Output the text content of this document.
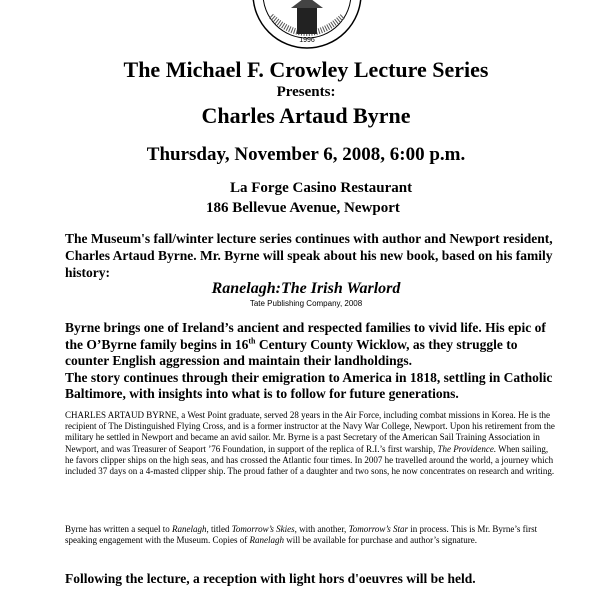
1996
The Michael F. Crowley Lecture Series
Presents:
Charles Artaud Byrne
Thursday, November 6, 2008, 6:00 p.m.
La Forge Casino Restaurant
186 Bellevue Avenue, Newport
The Museum's fall/winter lecture series continues with author and Newport resident, Charles Artaud Byrne. Mr. Byrne will speak about his new book, based on his family history:
Ranelagh:The Irish Warlord
Tate Publishing Company, 2008
Byrne brings one of Ireland’s ancient and respected families to vivid life. His epic of the O’Byrne family begins in 16th Century County Wicklow, as they struggle to counter English aggression and maintain their landholdings.
The story continues through their emigration to America in 1818, settling in Catholic Baltimore, with insights into what is to follow for future generations.
CHARLES ARTAUD BYRNE, a West Point graduate, served 28 years in the Air Force, including combat missions in Korea. He is the recipient of The Distinguished Flying Cross, and is a former instructor at the Navy War College, Newport. Upon his retirement from the military he settled in Newport and became an avid sailor. Mr. Byrne is a past Secretary of the American Sail Training Association in Newport, and was Treasurer of Seaport ’76 Foundation, in support of the replica of R.I.’s first warship, The Providence. When sailing, he favors clipper ships on the high seas, and has crossed the Atlantic four times. In 2007 he travelled around the world, a journey which included 37 days on a 4-masted clipper ship. The proud father of a daughter and two sons, he now concentrates on research and writing.
Byrne has written a sequel to Ranelagh, titled Tomorrow’s Skies, with another, Tomorrow’s Star in process. This is Mr. Byrne’s first speaking engagement with the Museum. Copies of Ranelagh will be available for purchase and author’s signature.
Following the lecture, a reception with light hors d'oeuvres will be held.
